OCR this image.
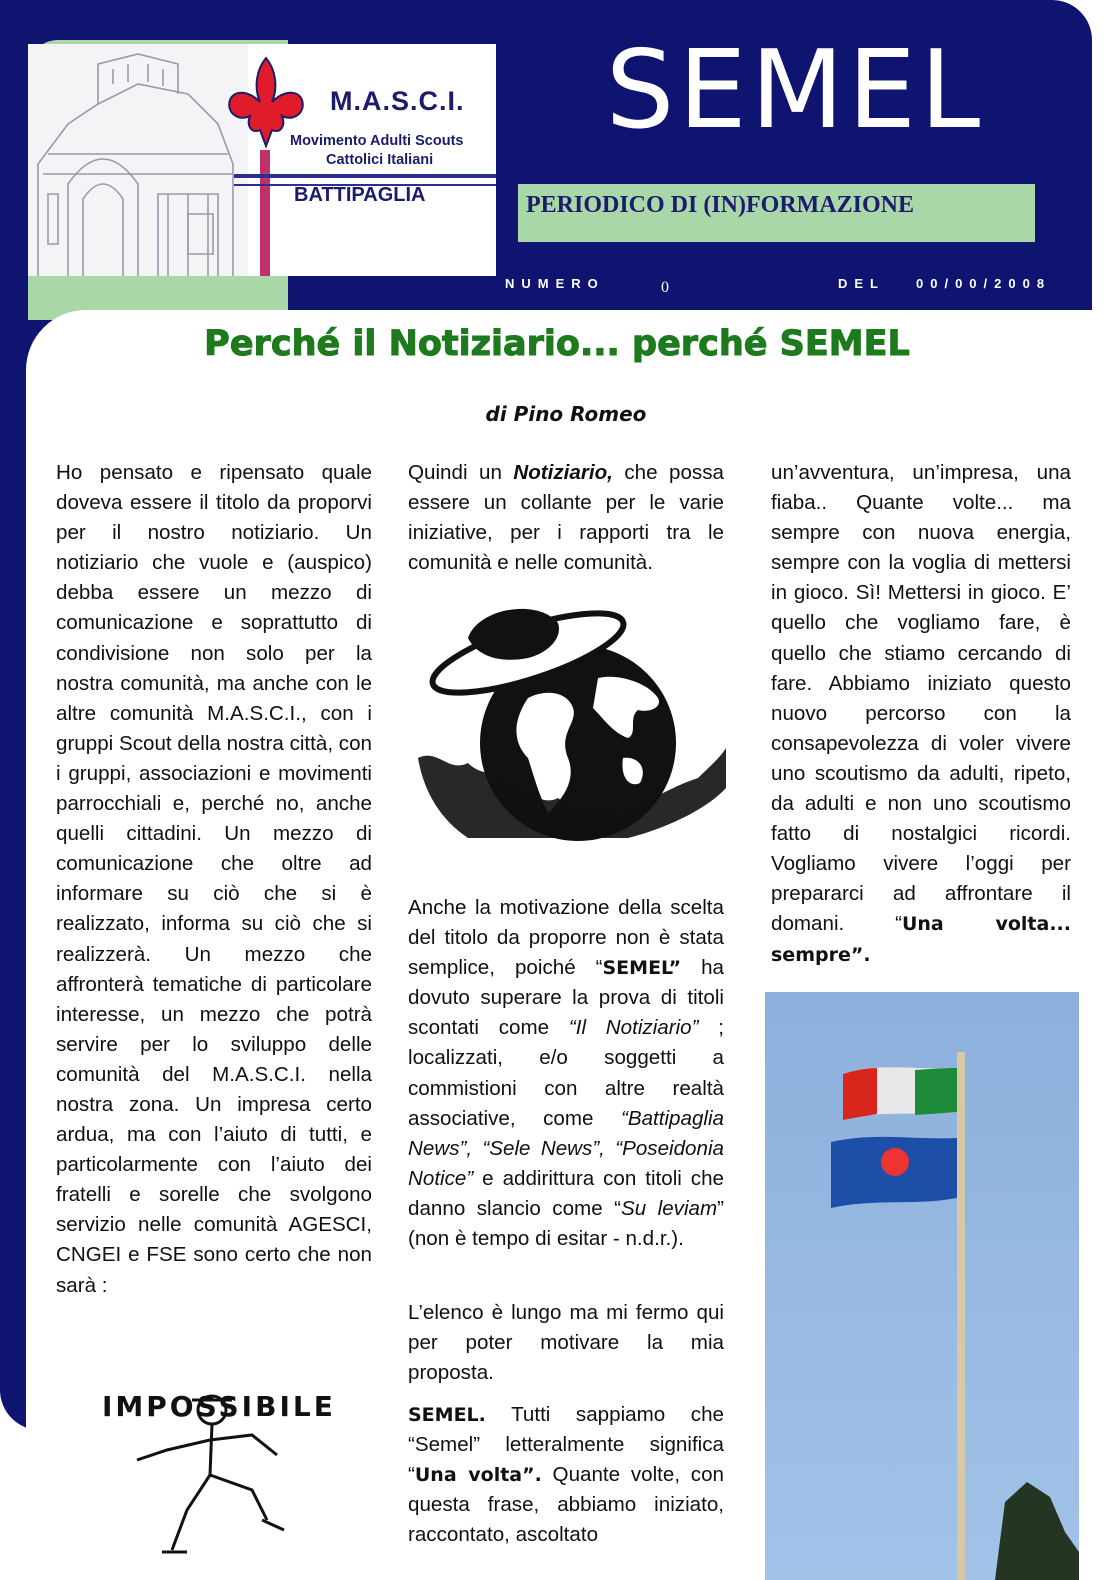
M.A.S.C.I.
Movimento Adulti Scouts
Cattolici Italiani
BATTIPAGLIA
SEMEL
PERIODICO DI (IN)FORMAZIONE
NUMERO	0	DEL 00/00/2008
Perché il Notiziario... perché SEMEL
di Pino Romeo

Ho pensato e ripensato quale doveva essere il titolo da proporvi per il nostro notiziario. Un notiziario che vuole e (auspico) debba essere un mezzo di comunicazione e soprattutto di condivisione non solo per la nostra comunità, ma anche con le altre comunità M.A.S.C.I., con i gruppi Scout della nostra città, con i gruppi, associazioni e movimenti parrocchiali e, perché no, anche quelli cittadini. Un mezzo di comunicazione che oltre ad informare su ciò che si è realizzato, informa su ciò che si realizzerà. Un mezzo che affronterà tematiche di particolare interesse, un mezzo che potrà servire per lo sviluppo delle comunità del M.A.S.C.I. nella nostra zona. Un impresa certo ardua, ma con l’aiuto di tutti, e particolarmente con l’aiuto dei fratelli e sorelle che svolgono servizio nelle comunità AGESCI, CNGEI e FSE sono certo che non sarà :

Quindi un Notiziario, che possa essere un collante per le varie iniziative, per i rapporti tra le comunità e nelle comunità.

Anche la motivazione della scelta del titolo da proporre non è stata semplice, poiché “SEMEL” ha dovuto superare la prova di titoli scontati come “Il Notiziario” ; localizzati, e/o soggetti a commistioni con altre realtà associative, come “Battipaglia News”, “Sele News”, “Poseidonia Notice” e addirittura con titoli che danno slancio come “Su leviam” (non è tempo di esitar - n.d.r.).

L’elenco è lungo ma mi fermo qui per poter motivare la mia proposta.

SEMEL. Tutti sappiamo che “Semel” letteralmente significa “Una volta”. Quante volte, con questa frase, abbiamo iniziato, raccontato, ascoltato

un’avventura, un’impresa, una fiaba.. Quante volte... ma sempre con nuova energia, sempre con la voglia di mettersi in gioco. Sì! Mettersi in gioco. E’ quello che vogliamo fare, è quello che stiamo cercando di fare. Abbiamo iniziato questo nuovo percorso con la consapevolezza di voler vivere uno scoutismo da adulti, ripeto, da adulti e non uno scoutismo fatto di nostalgici ricordi. Vogliamo vivere l’oggi per prepararci ad affrontare il domani. “Una volta... sempre”.

IMPOSSIBILE
